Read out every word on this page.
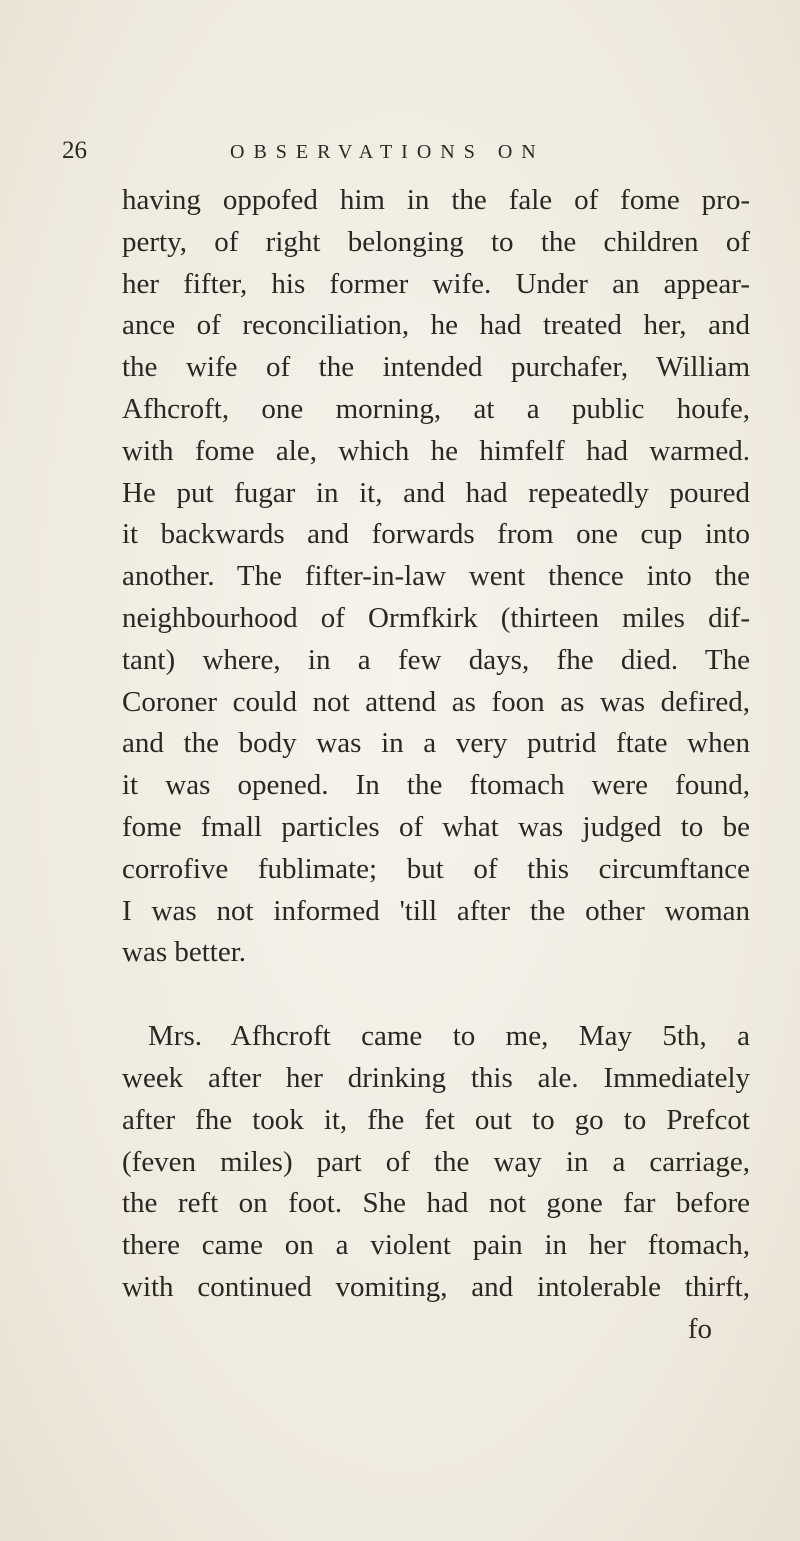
26	OBSERVATIONS ON

having oppofed him in the fale of fome pro-
perty, of right belonging to the children of
her fifter, his former wife. Under an appear-
ance of reconciliation, he had treated her, and
the wife of the intended purchafer, William
Afhcroft, one morning, at a public houfe,
with fome ale, which he himfelf had warmed.
He put fugar in it, and had repeatedly poured
it backwards and forwards from one cup into
another. The fifter-in-law went thence into the
neighbourhood of Ormfkirk (thirteen miles dif-
tant) where, in a few days, fhe died. The
Coroner could not attend as foon as was defired,
and the body was in a very putrid ftate when
it was opened. In the ftomach were found,
fome fmall particles of what was judged to be
corrofive fublimate; but of this circumftance
I was not informed 'till after the other woman
was better.

Mrs. Afhcroft came to me, May 5th, a
week after her drinking this ale. Immediately
after fhe took it, fhe fet out to go to Prefcot
(feven miles) part of the way in a carriage,
the reft on foot. She had not gone far before
there came on a violent pain in her ftomach,
with continued vomiting, and intolerable thirft,

fo
